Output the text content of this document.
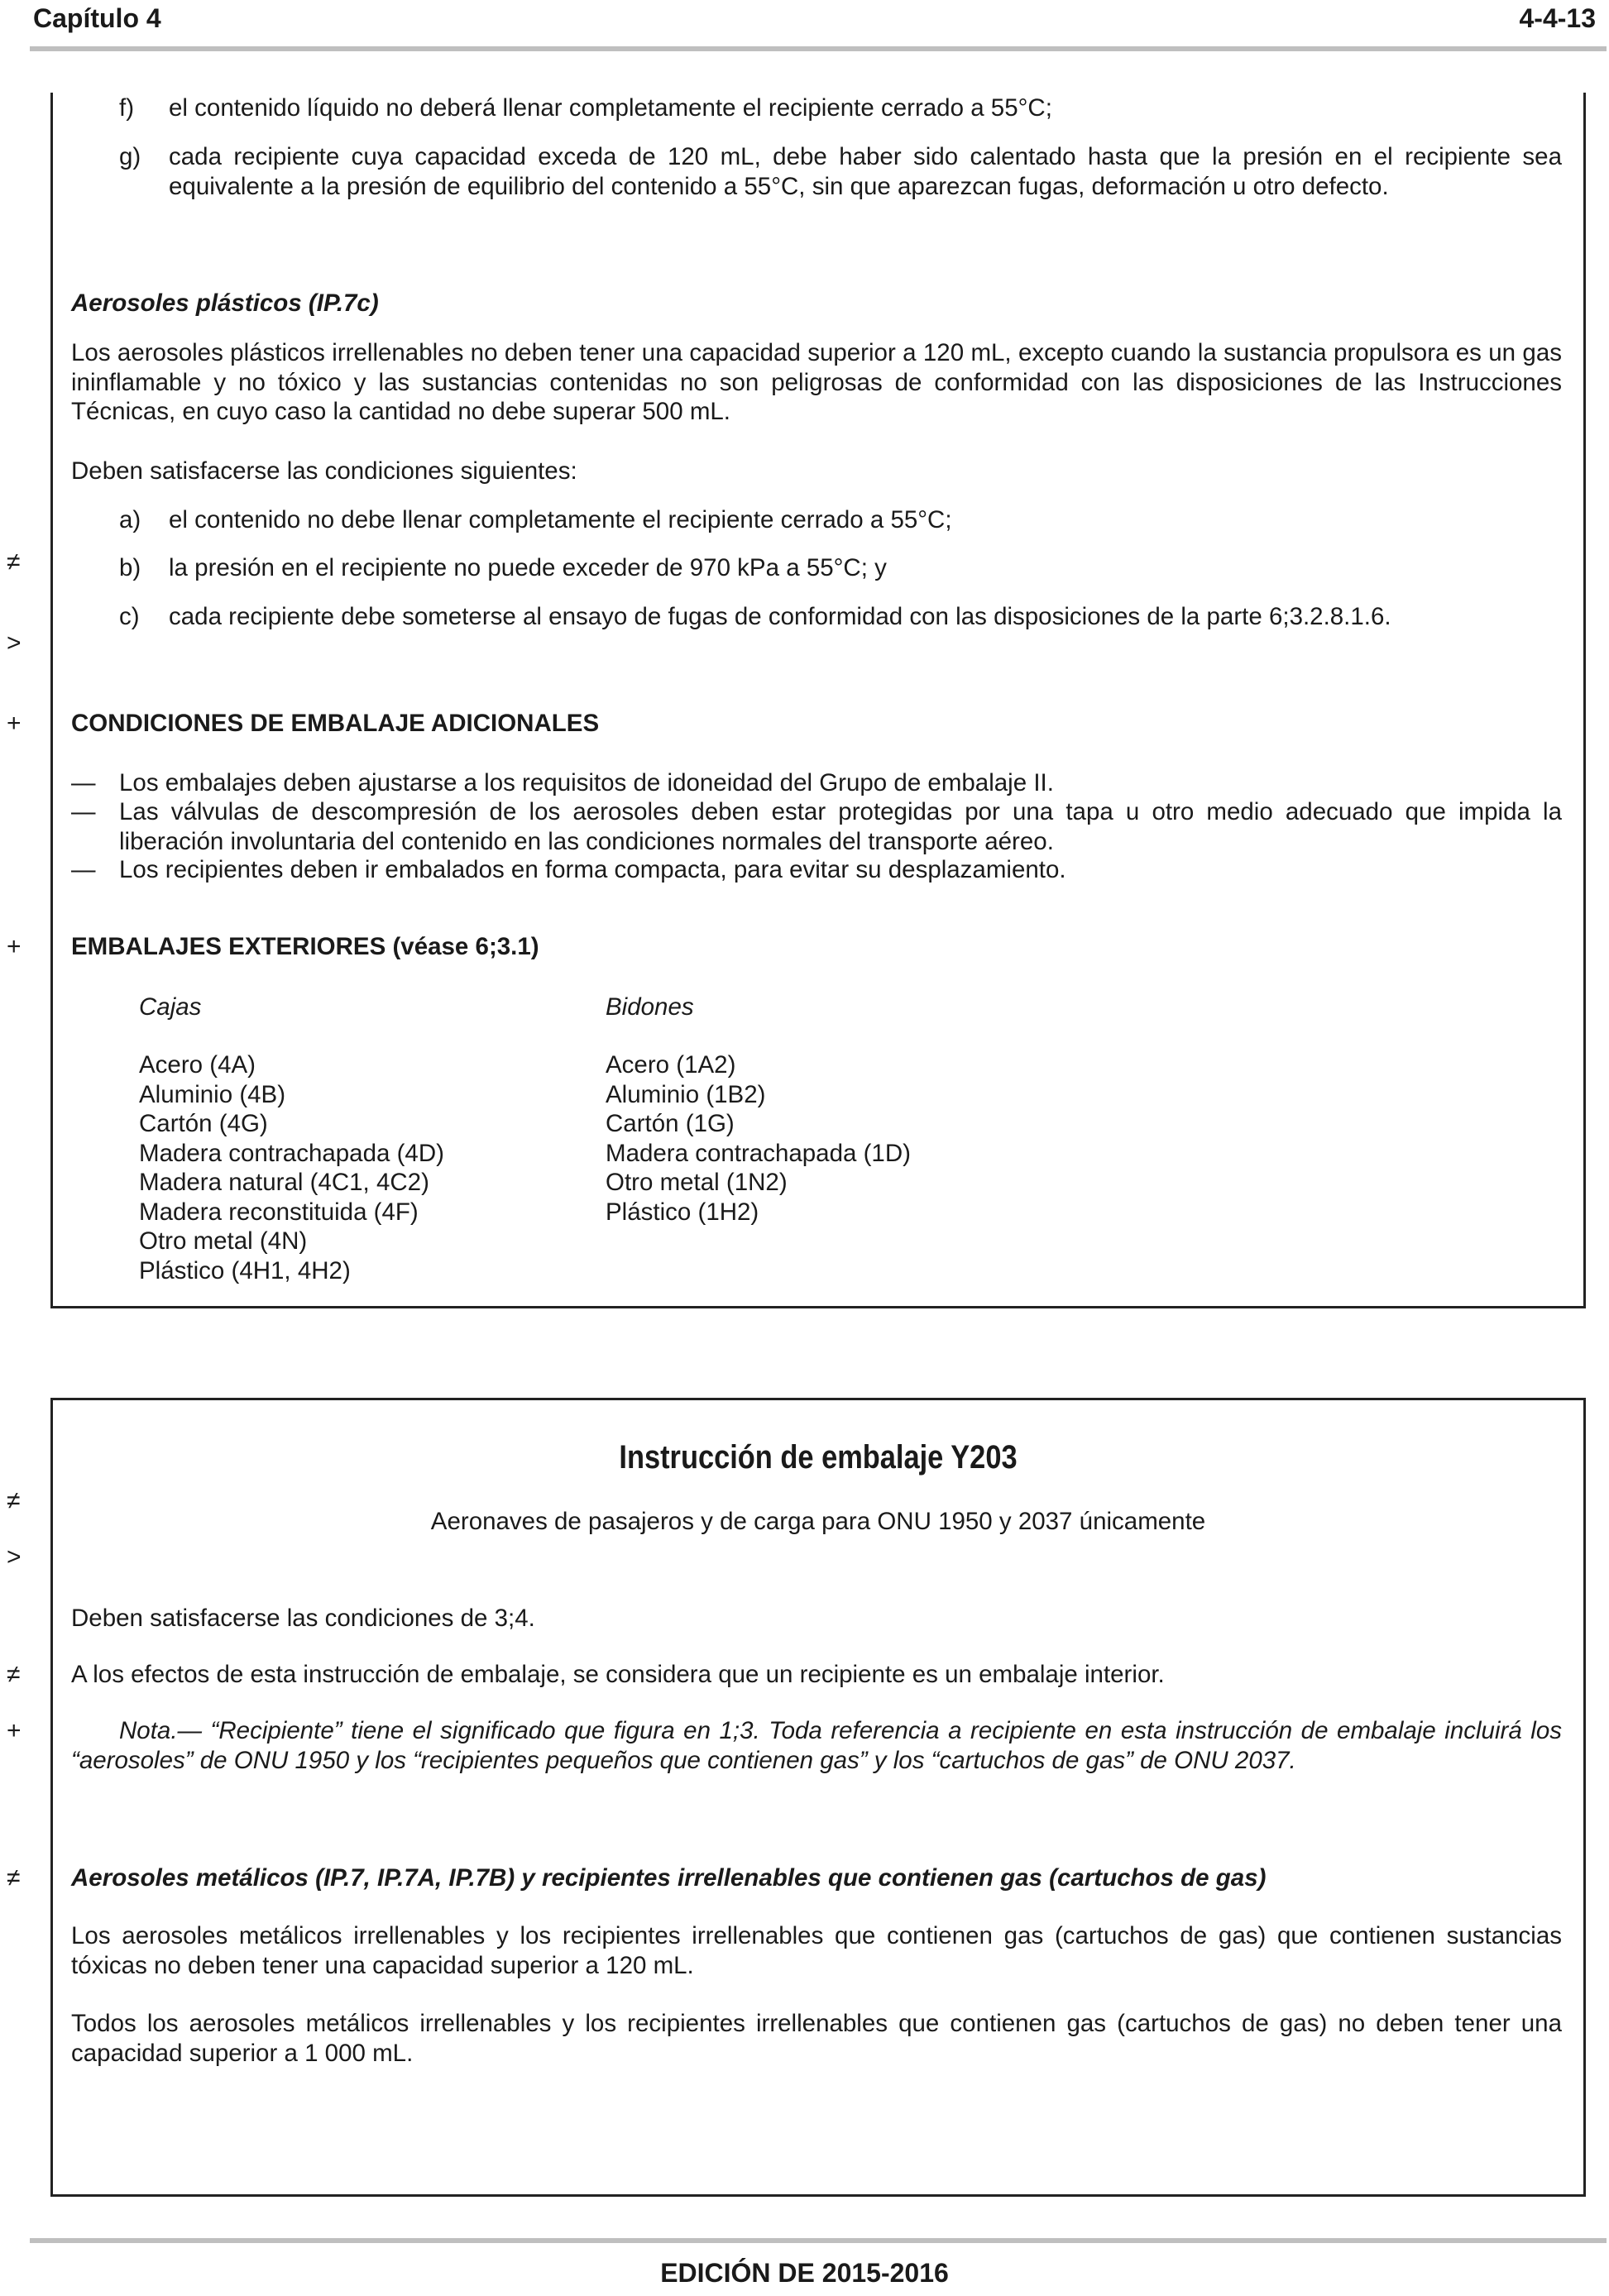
Capítulo 4	4-4-13
≠
>
+
+
≠
>
≠
+
≠
f) el contenido líquido no deberá llenar completamente el recipiente cerrado a 55°C;
g) cada recipiente cuya capacidad exceda de 120 mL, debe haber sido calentado hasta que la presión en el recipiente sea equivalente a la presión de equilibrio del contenido a 55°C, sin que aparezcan fugas, deformación u otro defecto.
Aerosoles plásticos (IP.7c)
Los aerosoles plásticos irrellenables no deben tener una capacidad superior a 120 mL, excepto cuando la sustancia propulsora es un gas ininflamable y no tóxico y las sustancias contenidas no son peligrosas de conformidad con las disposiciones de las Instrucciones Técnicas, en cuyo caso la cantidad no debe superar 500 mL.
Deben satisfacerse las condiciones siguientes:
a) el contenido no debe llenar completamente el recipiente cerrado a 55°C;
b) la presión en el recipiente no puede exceder de 970 kPa a 55°C; y
c) cada recipiente debe someterse al ensayo de fugas de conformidad con las disposiciones de la parte 6;3.2.8.1.6.
CONDICIONES DE EMBALAJE ADICIONALES
— Los embalajes deben ajustarse a los requisitos de idoneidad del Grupo de embalaje II.
— Las válvulas de descompresión de los aerosoles deben estar protegidas por una tapa u otro medio adecuado que impida la liberación involuntaria del contenido en las condiciones normales del transporte aéreo.
— Los recipientes deben ir embalados en forma compacta, para evitar su desplazamiento.
EMBALAJES EXTERIORES (véase 6;3.1)
Cajas	Bidones
Acero (4A)
Aluminio (4B)
Cartón (4G)
Madera contrachapada (4D)
Madera natural (4C1, 4C2)
Madera reconstituida (4F)
Otro metal (4N)
Plástico (4H1, 4H2)
Acero (1A2)
Aluminio (1B2)
Cartón (1G)
Madera contrachapada (1D)
Otro metal (1N2)
Plástico (1H2)
Instrucción de embalaje Y203
Aeronaves de pasajeros y de carga para ONU 1950 y 2037 únicamente
Deben satisfacerse las condiciones de 3;4.
A los efectos de esta instrucción de embalaje, se considera que un recipiente es un embalaje interior.
Nota.— “Recipiente” tiene el significado que figura en 1;3. Toda referencia a recipiente en esta instrucción de embalaje incluirá los “aerosoles” de ONU 1950 y los “recipientes pequeños que contienen gas” y los “cartuchos de gas” de ONU 2037.
Aerosoles metálicos (IP.7, IP.7A, IP.7B) y recipientes irrellenables que contienen gas (cartuchos de gas)
Los aerosoles metálicos irrellenables y los recipientes irrellenables que contienen gas (cartuchos de gas) que contienen sustancias tóxicas no deben tener una capacidad superior a 120 mL.
Todos los aerosoles metálicos irrellenables y los recipientes irrellenables que contienen gas (cartuchos de gas) no deben tener una capacidad superior a 1 000 mL.
EDICIÓN DE 2015-2016
